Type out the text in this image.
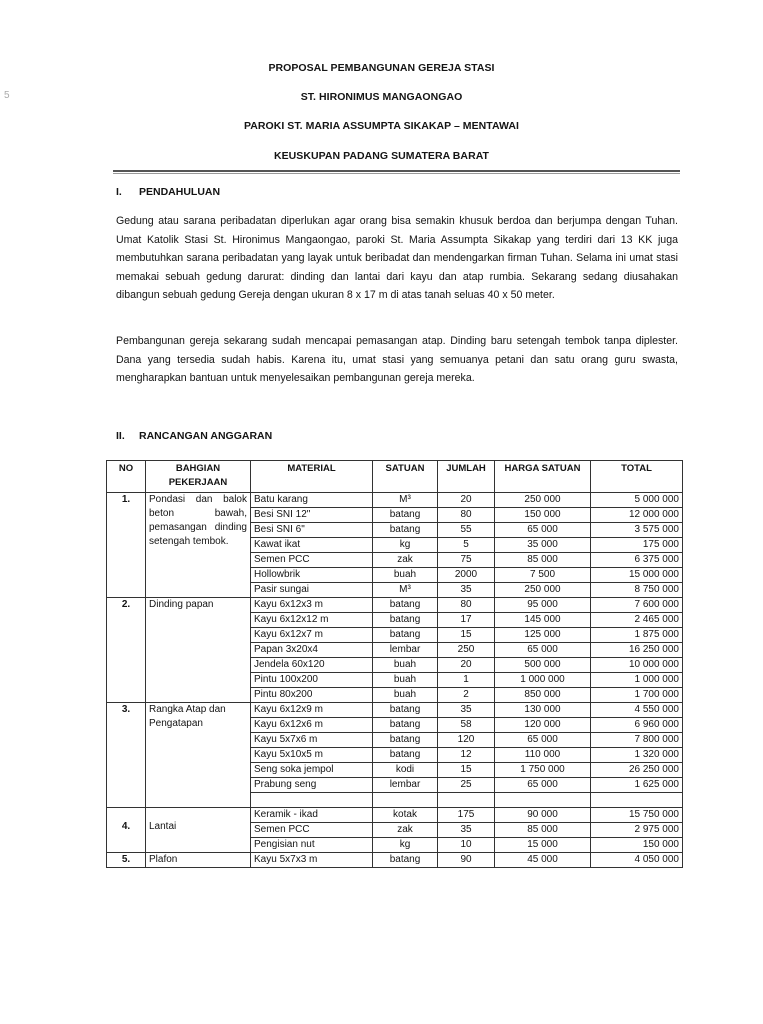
5
PROPOSAL PEMBANGUNAN GEREJA STASI
ST. HIRONIMUS MANGAONGAO
PAROKI ST. MARIA ASSUMPTA SIKAKAP – MENTAWAI
KEUSKUPAN PADANG SUMATERA BARAT
I. PENDAHULUAN
Gedung atau sarana peribadatan diperlukan agar orang bisa semakin khusuk berdoa dan berjumpa dengan Tuhan. Umat Katolik Stasi St. Hironimus Mangaongao, paroki St. Maria Assumpta Sikakap yang terdiri dari 13 KK juga membutuhkan sarana peribadatan yang layak untuk beribadat dan mendengarkan firman Tuhan. Selama ini umat stasi memakai sebuah gedung darurat: dinding dan lantai dari kayu dan atap rumbia. Sekarang sedang diusahakan dibangun sebuah gedung Gereja dengan ukuran 8 x 17 m di atas tanah seluas 40 x 50 meter.
Pembangunan gereja sekarang sudah mencapai pemasangan atap. Dinding baru setengah tembok tanpa diplester. Dana yang tersedia sudah habis. Karena itu, umat stasi yang semuanya petani dan satu orang guru swasta, mengharapkan bantuan untuk menyelesaikan pembangunan gereja mereka.
II. RANCANGAN ANGGARAN
NO	BAHGIAN PEKERJAAN	MATERIAL	SATUAN	JUMLAH	HARGA SATUAN	TOTAL
1.	Pondasi dan balok beton bawah, pemasangan dinding setengah tembok.	Batu karang	M³	20	250 000	5 000 000
		Besi SNI 12"	batang	80	150 000	12 000 000
		Besi SNI 6"	batang	55	65 000	3 575 000
		Kawat ikat	kg	5	35 000	175 000
		Semen PCC	zak	75	85 000	6 375 000
		Hollowbrik	buah	2000	7 500	15 000 000
		Pasir sungai	M³	35	250 000	8 750 000
2.	Dinding papan	Kayu 6x12x3 m	batang	80	95 000	7 600 000
		Kayu 6x12x12 m	batang	17	145 000	2 465 000
		Kayu 6x12x7 m	batang	15	125 000	1 875 000
		Papan 3x20x4	lembar	250	65 000	16 250 000
		Jendela 60x120	buah	20	500 000	10 000 000
		Pintu 100x200	buah	1	1 000 000	1 000 000
		Pintu 80x200	buah	2	850 000	1 700 000
3.	Rangka Atap dan Pengatapan	Kayu 6x12x9 m	batang	35	130 000	4 550 000
		Kayu 6x12x6 m	batang	58	120 000	6 960 000
		Kayu 5x7x6 m	batang	120	65 000	7 800 000
		Kayu 5x10x5 m	batang	12	110 000	1 320 000
		Seng soka jempol	kodi	15	1 750 000	26 250 000
		Prabung seng	lembar	25	65 000	1 625 000

4.	Lantai	Keramik - ikad	kotak	175	90 000	15 750 000
		Semen PCC	zak	35	85 000	2 975 000
		Pengisian nut	kg	10	15 000	150 000
5.	Plafon	Kayu 5x7x3 m	batang	90	45 000	4 050 000
